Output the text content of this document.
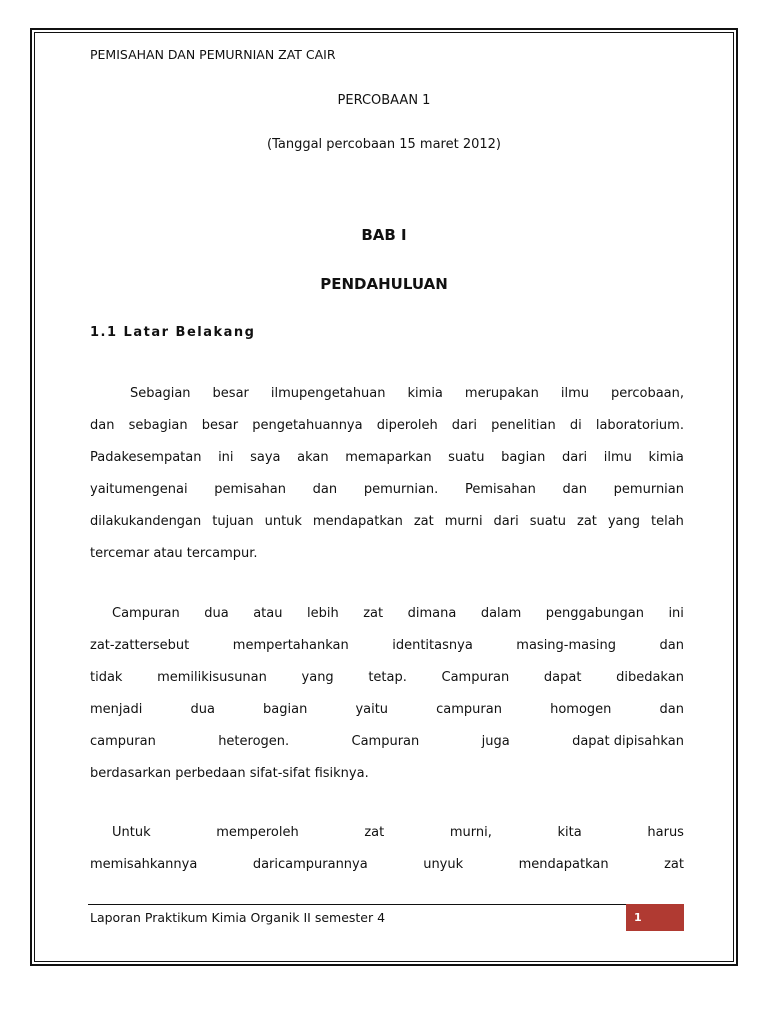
PEMISAHAN DAN PEMURNIAN ZAT CAIR
PERCOBAAN 1
(Tanggal percobaan 15 maret 2012)
BAB I
PENDAHULUAN
1.1 Latar Belakang
Sebagian besar ilmupengetahuan kimia merupakan ilmu percobaan,
dan sebagian besar pengetahuannya diperoleh dari penelitian di laboratorium.
Padakesempatan ini saya akan memaparkan suatu bagian dari ilmu kimia
yaitumengenai pemisahan dan pemurnian. Pemisahan dan pemurnian
dilakukandengan tujuan untuk mendapatkan zat murni dari suatu zat yang telah
tercemar atau tercampur.
Campuran dua atau lebih zat dimana dalam penggabungan ini
zat-zattersebut	mempertahankan	identitasnya	masing-masing	dan
tidak	memilikisusunan	yang	tetap.	Campuran	dapat	dibedakan
menjadi	dua	bagian	yaitu	campuran	homogen	dan
campuran	heterogen.	Campuran	juga	dapat dipisahkan
berdasarkan perbedaan sifat-sifat fisiknya.
Untuk	memperoleh	zat	murni,	kita	harus
memisahkannya	daricampurannya	unyuk	mendapatkan	zat
Laporan Praktikum Kimia Organik II semester 4	1
